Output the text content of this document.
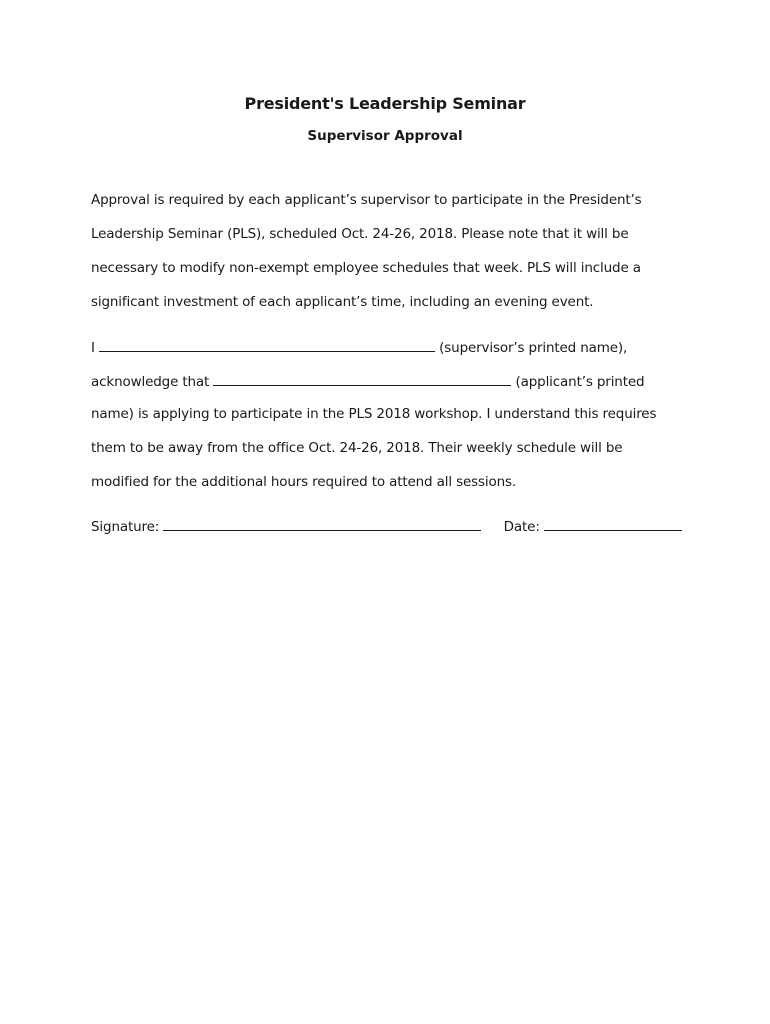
President's Leadership Seminar
Supervisor Approval
Approval is required by each applicant’s supervisor to participate in the President’s
Leadership Seminar (PLS), scheduled Oct. 24-26, 2018. Please note that it will be
necessary to modify non-exempt employee schedules that week. PLS will include a
significant investment of each applicant’s time, including an evening event.
I	(supervisor’s printed name),
acknowledge that	(applicant’s printed
name) is applying to participate in the PLS 2018 workshop. I understand this requires
them to be away from the office Oct. 24-26, 2018. Their weekly schedule will be
modified for the additional hours required to attend all sessions.
Signature:	Date:
